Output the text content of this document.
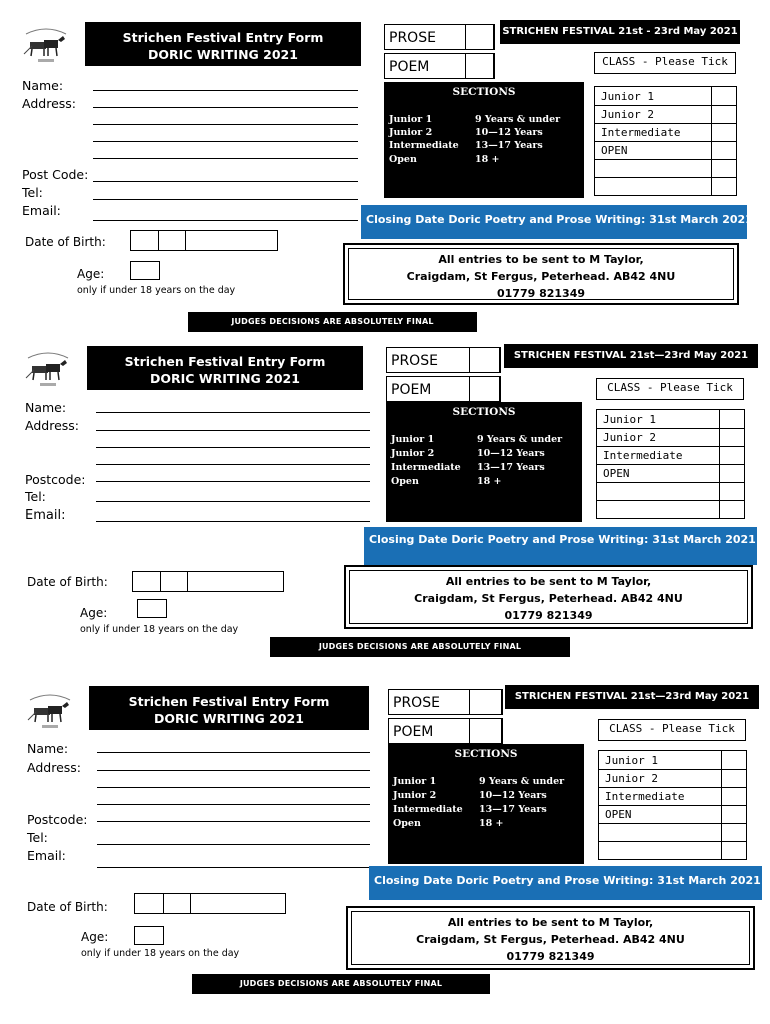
Strichen Festival Entry Form
DORIC WRITING 2021
Name:
Address:
Post Code:
Tel:
Email:
Date of Birth:
Age:
only if under 18 years on the day
PROSE
POEM
STRICHEN FESTIVAL 21st - 23rd May 2021
CLASS - Please Tick
SECTIONS
Junior 1	9 Years & under
Junior 2	10—12 Years
Intermediate 13—17 Years
Open	18 +
Junior 1
Junior 2
Intermediate
OPEN
Closing Date Doric Poetry and Prose Writing: 31st March 2021
All entries to be sent to M Taylor,
Craigdam, St Fergus, Peterhead. AB42 4NU
01779 821349
JUDGES DECISIONS ARE ABSOLUTELY FINAL
Strichen Festival Entry Form
DORIC WRITING 2021
Name:
Address:
Postcode:
Tel:
Email:
Date of Birth:
Age:
only if under 18 years on the day
PROSE
POEM
STRICHEN FESTIVAL 21st—23rd May 2021
CLASS - Please Tick
SECTIONS
Junior 1	9 Years & under
Junior 2	10—12 Years
Intermediate 13—17 Years
Open	18 +
Junior 1
Junior 2
Intermediate
OPEN
Closing Date Doric Poetry and Prose Writing: 31st March 2021
All entries to be sent to M Taylor,
Craigdam, St Fergus, Peterhead. AB42 4NU
01779 821349
JUDGES DECISIONS ARE ABSOLUTELY FINAL
Strichen Festival Entry Form
DORIC WRITING 2021
Name:
Address:
Postcode:
Tel:
Email:
Date of Birth:
Age:
only if under 18 years on the day
PROSE
POEM
STRICHEN FESTIVAL 21st—23rd May 2021
CLASS - Please Tick
SECTIONS
Junior 1	9 Years & under
Junior 2	10—12 Years
Intermediate 13—17 Years
Open	18 +
Junior 1
Junior 2
Intermediate
OPEN
Closing Date Doric Poetry and Prose Writing: 31st March 2021
All entries to be sent to M Taylor,
Craigdam, St Fergus, Peterhead. AB42 4NU
01779 821349
JUDGES DECISIONS ARE ABSOLUTELY FINAL
